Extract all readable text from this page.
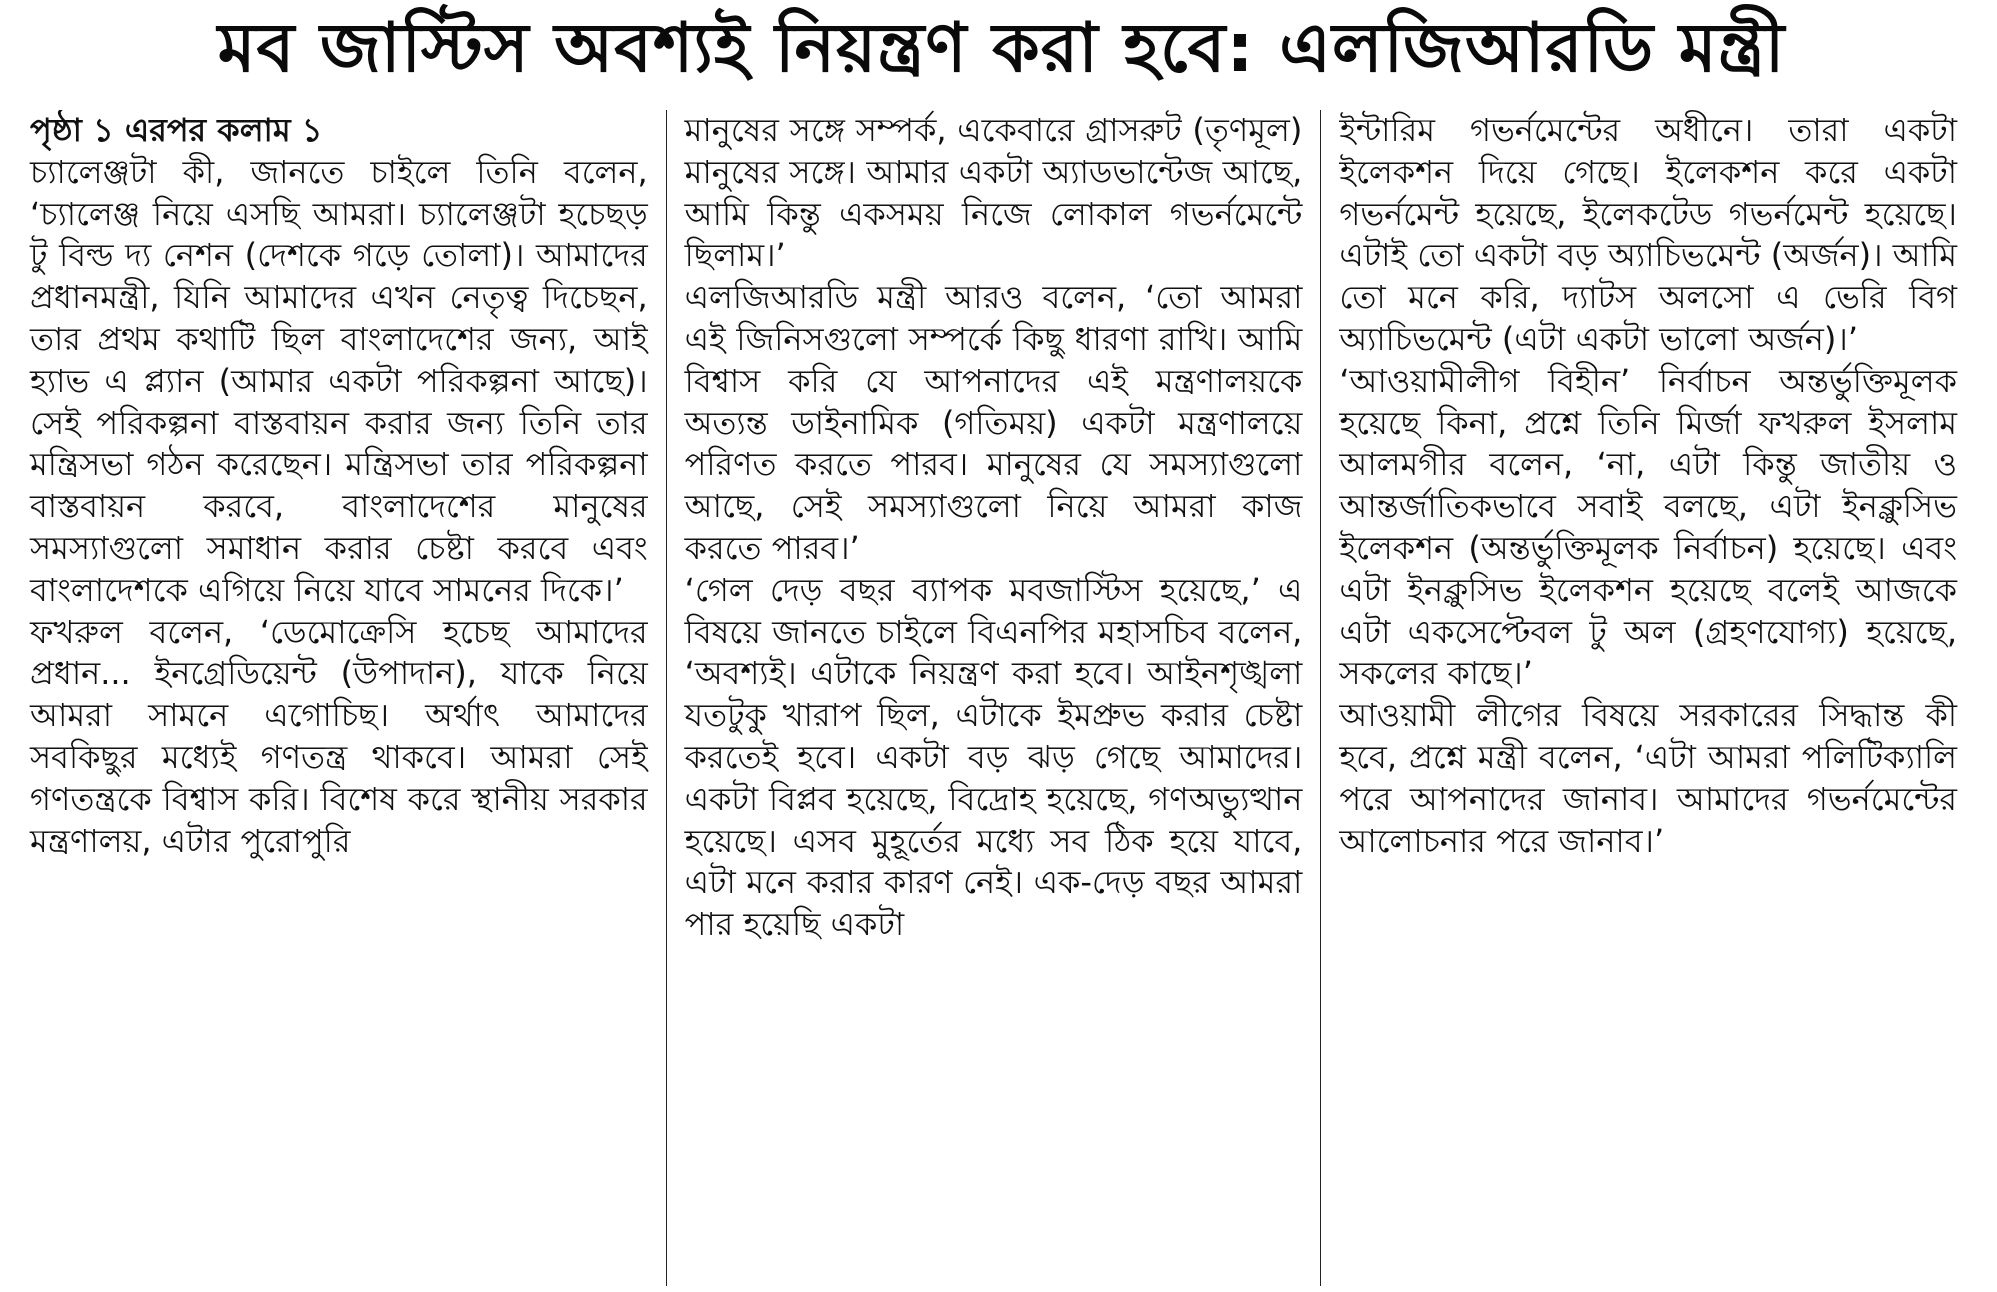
মব জাস্টিস অবশ্যই নিয়ন্ত্রণ করা হবে: এলজিআরডি মন্ত্রী

পৃষ্ঠা ১ এরপর কলাম ১

চ্যালেঞ্জটা কী, জানতে চাইলে তিনি বলেন, ‘চ্যালেঞ্জ নিয়ে এসছি আমরা। চ্যালেঞ্জটা হচেছড় টু বিল্ড দ্য নেশন (দেশকে গড়ে তোলা)। আমাদের প্রধানমন্ত্রী, যিনি আমাদের এখন নেতৃত্ব দিচেছন, তার প্রথম কথাটি ছিল বাংলাদেশের জন্য, আই হ্যাভ এ প্ল্যান (আমার একটা পরিকল্পনা আছে)। সেই পরিকল্পনা বাস্তবায়ন করার জন্য তিনি তার মন্ত্রিসভা গঠন করেছেন। মন্ত্রিসভা তার পরিকল্পনা বাস্তবায়ন করবে, বাংলাদেশের মানুষের সমস্যাগুলো সমাধান করার চেষ্টা করবে এবং বাংলাদেশকে এগিয়ে নিয়ে যাবে সামনের দিকে।’

ফখরুল বলেন, ‘ডেমোক্রেসি হচেছ আমাদের প্রধান... ইনগ্রেডিয়েন্ট (উপাদান), যাকে নিয়ে আমরা সামনে এগোচিছ। অর্থাৎ আমাদের সবকিছুর মধ্যেই গণতন্ত্র থাকবে। আমরা সেই গণতন্ত্রকে বিশ্বাস করি। বিশেষ করে স্থানীয় সরকার মন্ত্রণালয়, এটার পুরোপুরি

মানুষের সঙ্গে সম্পর্ক, একেবারে গ্রাসরুট (তৃণমূল) মানুষের সঙ্গে। আমার একটা অ্যাডভান্টেজ আছে, আমি কিন্তু একসময় নিজে লোকাল গভর্নমেন্টে ছিলাম।’

এলজিআরডি মন্ত্রী আরও বলেন, ‘তো আমরা এই জিনিসগুলো সম্পর্কে কিছু ধারণা রাখি। আমি বিশ্বাস করি যে আপনাদের এই মন্ত্রণালয়কে অত্যন্ত ডাইনামিক (গতিময়) একটা মন্ত্রণালয়ে পরিণত করতে পারব। মানুষের যে সমস্যাগুলো আছে, সেই সমস্যাগুলো নিয়ে আমরা কাজ করতে পারব।’

‘গেল দেড় বছর ব্যাপক মবজাস্টিস হয়েছে,’ এ বিষয়ে জানতে চাইলে বিএনপির মহাসচিব বলেন, ‘অবশ্যই। এটাকে নিয়ন্ত্রণ করা হবে। আইনশৃঙ্খলা যতটুকু খারাপ ছিল, এটাকে ইমপ্রুভ করার চেষ্টা করতেই হবে। একটা বড় ঝড় গেছে আমাদের। একটা বিপ্লব হয়েছে, বিদ্রোহ হয়েছে, গণঅভ্যুত্থান হয়েছে। এসব মুহূর্তের মধ্যে সব ঠিক হয়ে যাবে, এটা মনে করার কারণ নেই। এক-দেড় বছর আমরা পার হয়েছি একটা

ইন্টারিম গভর্নমেন্টের অধীনে। তারা একটা ইলেকশন দিয়ে গেছে। ইলেকশন করে একটা গভর্নমেন্ট হয়েছে, ইলেকটেড গভর্নমেন্ট হয়েছে। এটাই তো একটা বড় অ্যাচিভমেন্ট (অর্জন)। আমি তো মনে করি, দ্যাটস অলসো এ ভেরি বিগ অ্যাচিভমেন্ট (এটা একটা ভালো অর্জন)।’

‘আওয়ামীলীগ বিহীন’ নির্বাচন অন্তর্ভুক্তিমূলক হয়েছে কিনা, প্রশ্নে তিনি মির্জা ফখরুল ইসলাম আলমগীর বলেন, ‘না, এটা কিন্তু জাতীয় ও আন্তর্জাতিকভাবে সবাই বলছে, এটা ইনক্লুসিভ ইলেকশন (অন্তর্ভুক্তিমূলক নির্বাচন) হয়েছে। এবং এটা ইনক্লুসিভ ইলেকশন হয়েছে বলেই আজকে এটা একসেপ্টেবল টু অল (গ্রহণযোগ্য) হয়েছে, সকলের কাছে।’

আওয়ামী লীগের বিষয়ে সরকারের সিদ্ধান্ত কী হবে, প্রশ্নে মন্ত্রী বলেন, ‘এটা আমরা পলিটিক্যালি পরে আপনাদের জানাব। আমাদের গভর্নমেন্টের আলোচনার পরে জানাব।’
